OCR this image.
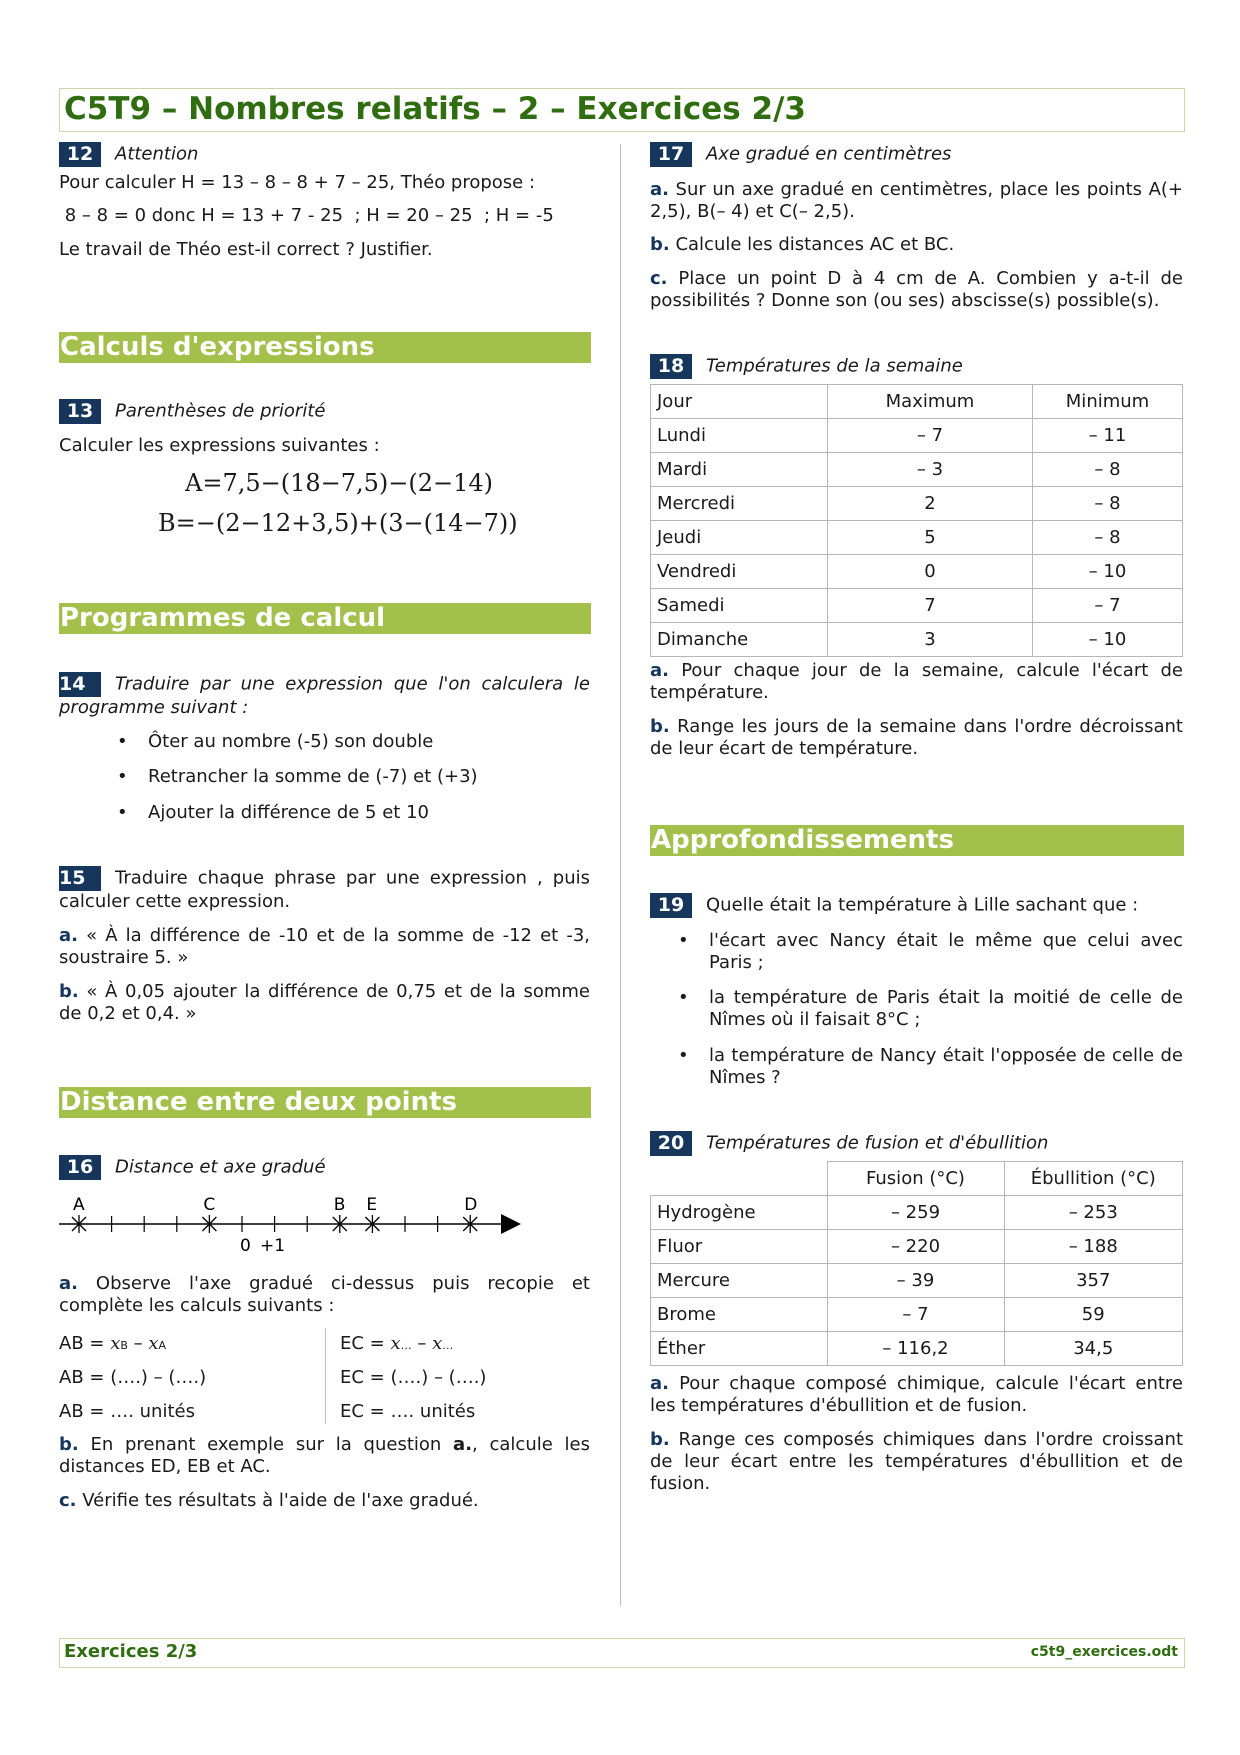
C5T9 – Nombres relatifs – 2 – Exercices 2/3
12 Attention
Pour calculer H = 13 – 8 – 8 + 7 – 25, Théo propose :
8 – 8 = 0 donc H = 13 + 7 - 25  ; H = 20 – 25  ; H = -5
Le travail de Théo est-il correct ? Justifier.
Calculs d'expressions
13 Parenthèses de priorité
Calculer les expressions suivantes :
A=7,5−(18−7,5)−(2−14)
B=−(2−12+3,5)+(3−(14−7))
Programmes de calcul
14 Traduire par une expression que l'on calculera le programme suivant :
• Ôter au nombre (-5) son double
• Retrancher la somme de (-7) et (+3)
• Ajouter la différence de 5 et 10
15 Traduire chaque phrase par une expression , puis calculer cette expression.
a. « À la différence de -10 et de la somme de -12 et -3, soustraire 5. »
b. « À 0,05 ajouter la différence de 0,75 et de la somme de 0,2 et 0,4. »
Distance entre deux points
16 Distance et axe gradué
A	C	B E	D
0 +1
a. Observe l'axe gradué ci-dessus puis recopie et complète les calculs suivants :
AB = xB – xA
AB = (….) – (….)
AB = …. unités
EC = x… – x…
EC = (….) – (….)
EC = …. unités
b. En prenant exemple sur la question a., calcule les distances ED, EB et AC.
c. Vérifie tes résultats à l'aide de l'axe gradué.
17 Axe gradué en centimètres
a. Sur un axe gradué en centimètres, place les points A(+ 2,5), B(– 4) et C(– 2,5).
b. Calcule les distances AC et BC.
c. Place un point D à 4 cm de A. Combien y a-t-il de possibilités ? Donne son (ou ses) abscisse(s) possible(s).
18 Températures de la semaine
Jour	Maximum	Minimum
Lundi	– 7	– 11
Mardi	– 3	– 8
Mercredi	2	– 8
Jeudi	5	– 8
Vendredi	0	– 10
Samedi	7	– 7
Dimanche	3	– 10
a. Pour chaque jour de la semaine, calcule l'écart de température.
b. Range les jours de la semaine dans l'ordre décroissant de leur écart de température.
Approfondissements
19 Quelle était la température à Lille sachant que :
• l'écart avec Nancy était le même que celui avec Paris ;
• la température de Paris était la moitié de celle de Nîmes où il faisait 8°C ;
• la température de Nancy était l'opposée de celle de Nîmes ?
20 Températures de fusion et d'ébullition
	Fusion (°C)	Ébullition (°C)
Hydrogène	– 259	– 253
Fluor	– 220	– 188
Mercure	– 39	357
Brome	– 7	59
Éther	– 116,2	34,5
a. Pour chaque composé chimique, calcule l'écart entre les températures d'ébullition et de fusion.
b. Range ces composés chimiques dans l'ordre croissant de leur écart entre les températures d'ébullition et de fusion.
Exercices 2/3	c5t9_exercices.odt
